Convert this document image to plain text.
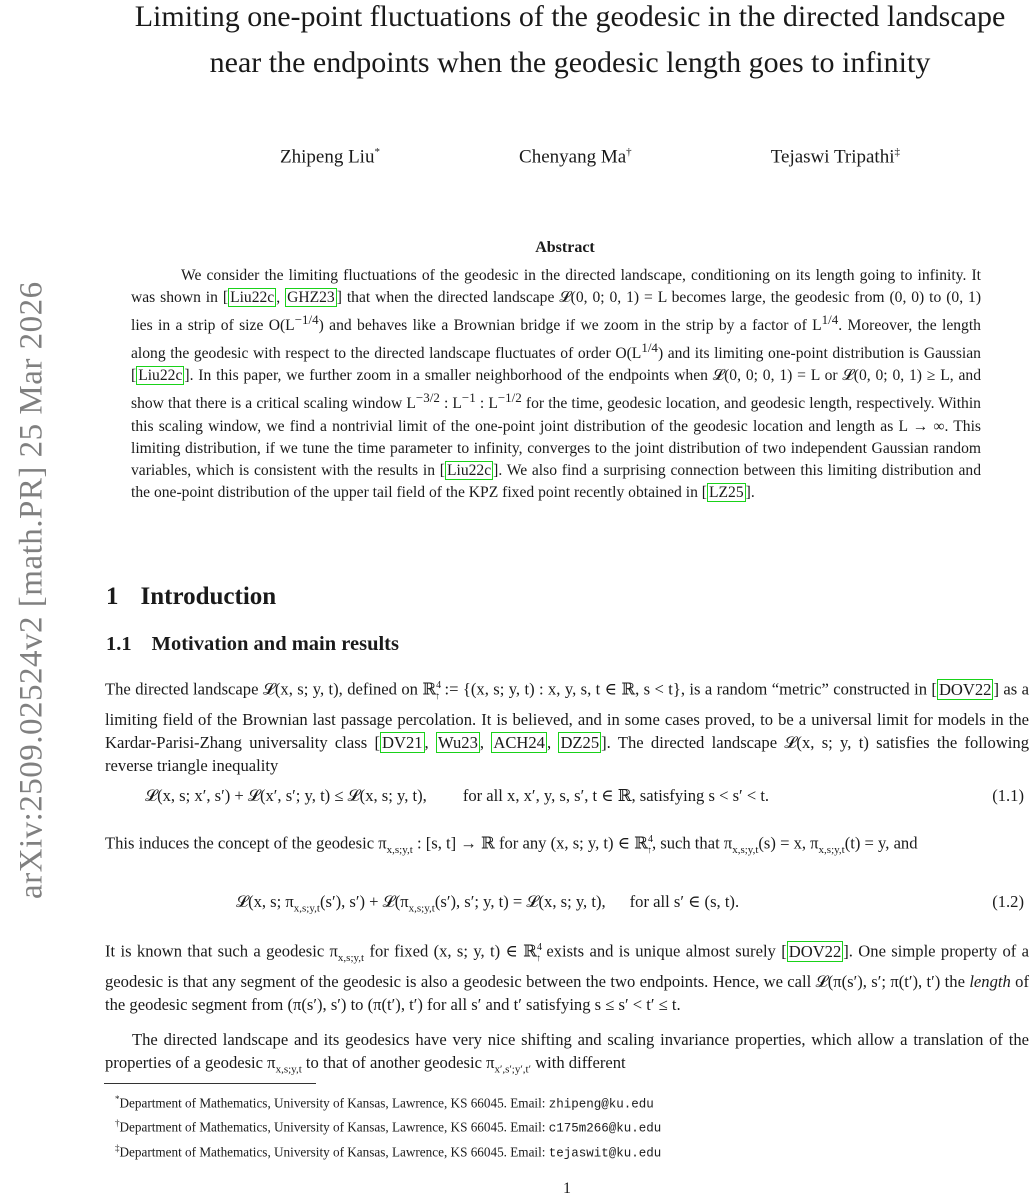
arXiv:2509.02524v2 [math.PR] 25 Mar 2026
Limiting one-point fluctuations of the geodesic in the directed landscape near the endpoints when the geodesic length goes to infinity
Zhipeng Liu*	Chenyang Ma†	Tejaswi Tripathi‡
Abstract

We consider the limiting fluctuations of the geodesic in the directed landscape, conditioning on its length going to infinity. It was shown in [ Liu22c , GHZ23 ] that when the directed landscape 𝓛(0, 0; 0, 1) = L becomes large, the geodesic from (0, 0) to (0, 1) lies in a strip of size $O(L^{-1/4})$ and behaves like a Brownian bridge if we zoom in the strip by a factor of $L^{1/4}$. Moreover, the length along the geodesic with respect to the directed landscape fluctuates of order $O(L^{1/4})$ and its limiting one-point distribution is Gaussian [ Liu22c ]. In this paper, we further zoom in a smaller neighborhood of the endpoints when 𝓛(0, 0; 0, 1) = L or 𝓛(0, 0; 0, 1) ≥ L, and show that there is a critical scaling window $L^{-3/2}$ : $L^{-1}$ : $L^{-1/2}$ for the time, geodesic location, and geodesic length, respectively. Within this scaling window, we find a nontrivial limit of the one-point joint distribution of the geodesic location and length as L → ∞. This limiting distribution, if we tune the time parameter to infinity, converges to the joint distribution of two independent Gaussian random variables, which is consistent with the results in [ Liu22c ]. We also find a surprising connection between this limiting distribution and the one-point distribution of the upper tail field of the KPZ fixed point recently obtained in [ LZ25 ].

1 Introduction
1.1 Motivation and main results

The directed landscape 𝓛(x, s; y, t), defined on ℝ$^4_↑$ := {(x, s; y, t) : x, y, s, t ∈ ℝ, s < t}, is a random “metric” constructed in [ DOV22 ] as a limiting field of the Brownian last passage percolation. It is believed, and in some cases proved, to be a universal limit for models in the Kardar-Parisi-Zhang universality class [ DV21 , Wu23 , ACH24 , DZ25 ]. The directed landscape 𝓛(x, s; y, t) satisfies the following reverse triangle inequality

𝓛(x, s; x′, s′) + 𝓛(x′, s′; y, t) ≤ 𝓛(x, s; y, t), for all x, x′, y, s, s′, t ∈ ℝ, satisfying s < s′ < t.	(1.1)

This induces the concept of the geodesic $\pi_{x,s;y,t}$ : [s, t] → ℝ for any (x, s; y, t) ∈ ℝ$^4_↑$, such that $\pi_{x,s;y,t}(s) = x$, $\pi_{x,s;y,t}(t) = y$, and

𝓛(x, s; $\pi_{x,s;y,t}(s')$, $s') + 𝓛(\pi_{x,s;y,t}(s')$, s′; y, t) = 𝓛(x, s; y, t), for all s′ ∈ (s, t).	(1.2)

It is known that such a geodesic $\pi_{x,s;y,t}$ for fixed (x, s; y, t) ∈ ℝ$^4_↑$ exists and is unique almost surely [ DOV22 ]. One simple property of a geodesic is that any segment of the geodesic is also a geodesic between the two endpoints. Hence, we call 𝓛(π(s′), s′; π(t′), t′) the length of the geodesic segment from (π(s′), s′) to (π(t′), t′) for all s′ and t′ satisfying s ≤ s′ < t′ ≤ t.

The directed landscape and its geodesics have very nice shifting and scaling invariance properties, which allow a translation of the properties of a geodesic $\pi_{x,s;y,t}$ to that of another geodesic $\pi_{x',s';y',t'}$ with different

*Department of Mathematics, University of Kansas, Lawrence, KS 66045. Email: zhipeng@ku.edu
†Department of Mathematics, University of Kansas, Lawrence, KS 66045. Email: c175m266@ku.edu
‡Department of Mathematics, University of Kansas, Lawrence, KS 66045. Email: tejaswit@ku.edu
1
